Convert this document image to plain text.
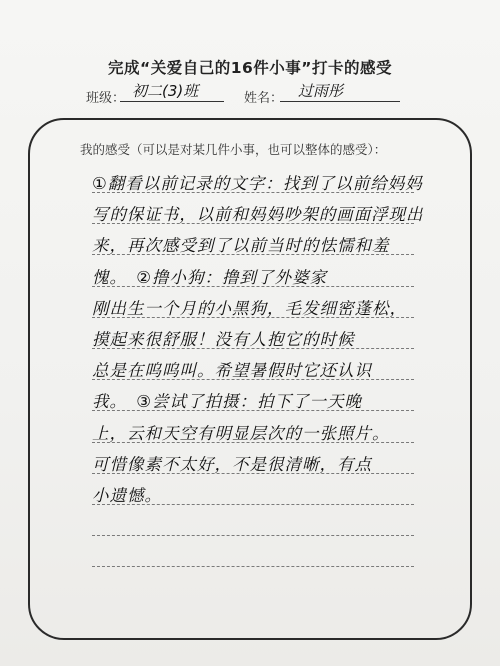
完成“关爱自己的16件小事”打卡的感受
班级： 初二(3)班	姓名： 过雨彤
我的感受（可以是对某几件小事，也可以整体的感受）：
①翻看以前记录的文字：找到了以前给妈妈
写的保证书，以前和妈妈吵架的画面浮现出
来，再次感受到了以前当时的怯懦和羞
愧。　②撸小狗：撸到了外婆家
刚出生一个月的小黑狗，毛发细密蓬松，
摸起来很舒服！没有人抱它的时候
总是在呜呜叫。希望暑假时它还认识
我。　③尝试了拍摄：拍下了一天晚
上，云和天空有明显层次的一张照片。
可惜像素不太好，不是很清晰，有点
小遗憾。
